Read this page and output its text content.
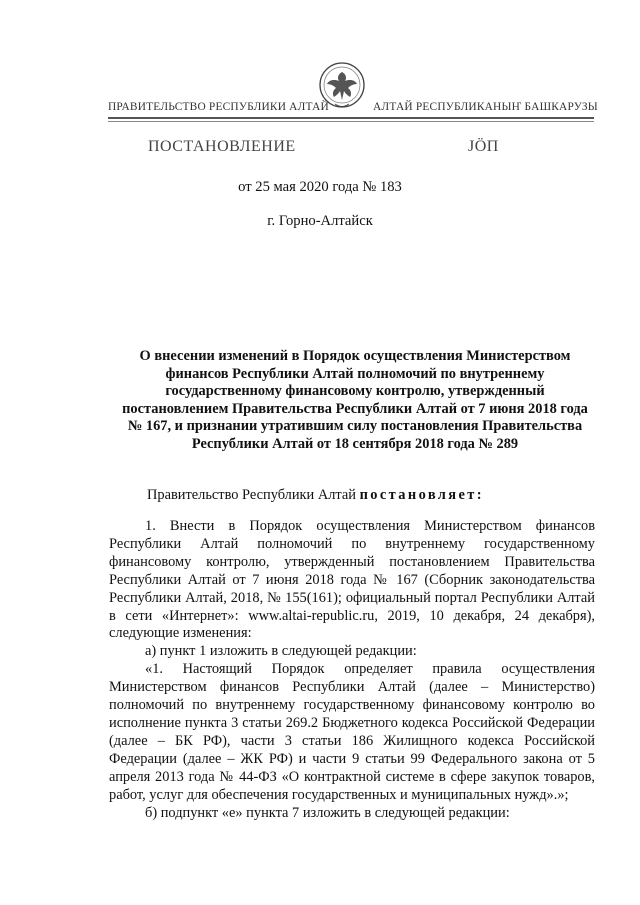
ПРАВИТЕЛЬСТВО РЕСПУБЛИКИ АЛТАЙ	АЛТАЙ РЕСПУБЛИКАНЫҤ БАШКАРУЗЫ
ПОСТАНОВЛЕНИЕ	ЈӦП
от 25 мая 2020 года № 183
г. Горно-Алтайск
О внесении изменений в Порядок осуществления Министерством финансов Республики Алтай полномочий по внутреннему государственному финансовому контролю, утвержденный постановлением Правительства Республики Алтай от 7 июня 2018 года № 167, и признании утратившим силу постановления Правительства Республики Алтай от 18 сентября 2018 года № 289
Правительство Республики Алтай постановляет:

1. Внести в Порядок осуществления Министерством финансов Республики Алтай полномочий по внутреннему государственному финансовому контролю, утвержденный постановлением Правительства Республики Алтай от 7 июня 2018 года № 167 (Сборник законодательства Республики Алтай, 2018, № 155(161); официальный портал Республики Алтай в сети «Интернет»: www.altai-republic.ru, 2019, 10 декабря, 24 декабря), следующие изменения:

а) пункт 1 изложить в следующей редакции:

«1. Настоящий Порядок определяет правила осуществления Министерством финансов Республики Алтай (далее – Министерство) полномочий по внутреннему государственному финансовому контролю во исполнение пункта 3 статьи 269.2 Бюджетного кодекса Российской Федерации (далее – БК РФ), части 3 статьи 186 Жилищного кодекса Российской Федерации (далее – ЖК РФ) и части 9 статьи 99 Федерального закона от 5 апреля 2013 года № 44-ФЗ «О контрактной системе в сфере закупок товаров, работ, услуг для обеспечения государственных и муниципальных нужд».»;

б) подпункт «е» пункта 7 изложить в следующей редакции:
